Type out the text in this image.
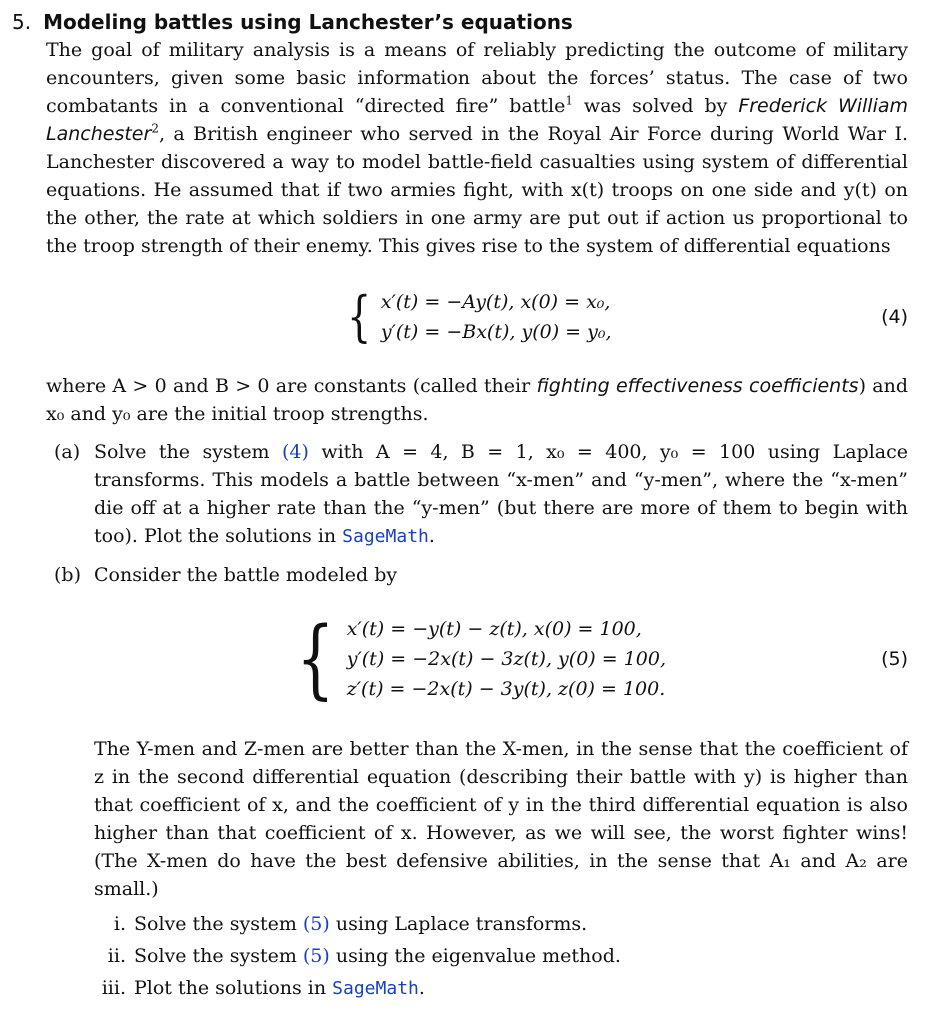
5. Modeling battles using Lanchester’s equations
The goal of military analysis is a means of reliably predicting the outcome of military encounters, given some basic information about the forces’ status. The case of two combatants in a conventional “directed fire” battle$^1$ was solved by Frederick William Lanchester$^2$, a British engineer who served in the Royal Air Force during World War I. Lanchester discovered a way to model battle-field casualties using system of differential equations. He assumed that if two armies fight, with x(t) troops on one side and y(t) on the other, the rate at which soldiers in one army are put out if action us proportional to the troop strength of their enemy. This gives rise to the system of differential equations
{ x′(t) = −Ay(t), x(0) = x₀,
y′(t) = −Bx(t), y(0) = y₀,
(4)
where A > 0 and B > 0 are constants (called their fighting effectiveness coefficients) and x₀ and y₀ are the initial troop strengths.
(a) Solve the system (4) with A = 4, B = 1, x₀ = 400, y₀ = 100 using Laplace transforms. This models a battle between “x-men” and “y-men”, where the “x-men” die off at a higher rate than the “y-men” (but there are more of them to begin with too). Plot the solutions in SageMath.
(b) Consider the battle modeled by
{ x′(t) = −y(t) − z(t), x(0) = 100,
y′(t) = −2x(t) − 3z(t), y(0) = 100,
z′(t) = −2x(t) − 3y(t), z(0) = 100.
(5)
The Y-men and Z-men are better than the X-men, in the sense that the coefficient of z in the second differential equation (describing their battle with y) is higher than that coefficient of x, and the coefficient of y in the third differential equation is also higher than that coefficient of x. However, as we will see, the worst fighter wins! (The X-men do have the best defensive abilities, in the sense that A₁ and A₂ are small.)
i. Solve the system (5) using Laplace transforms.
ii. Solve the system (5) using the eigenvalue method.
iii. Plot the solutions in SageMath.
